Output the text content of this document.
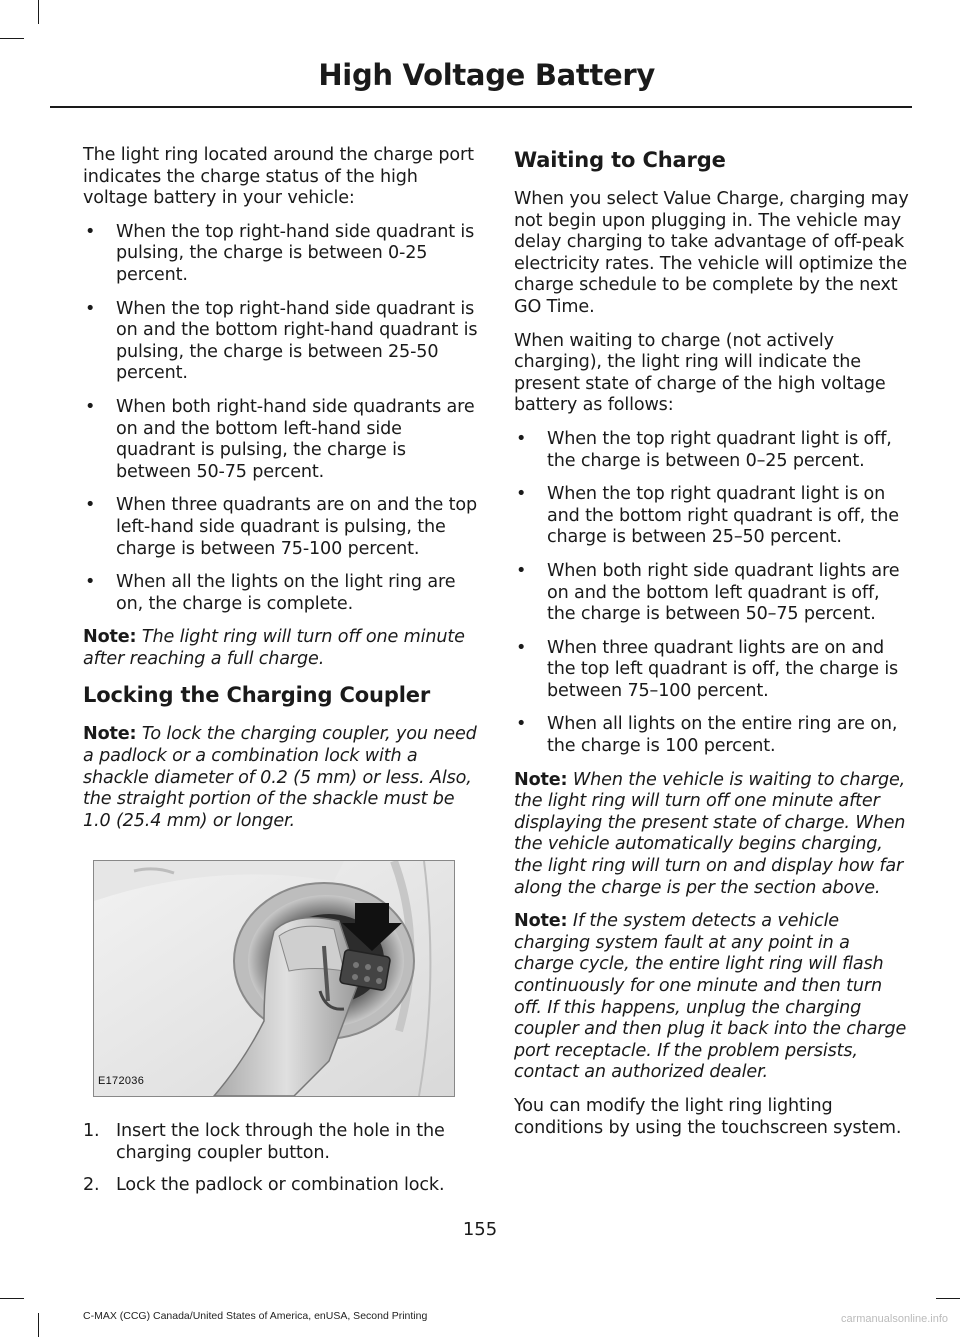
High Voltage Battery

The light ring located around the charge port indicates the charge status of the high voltage battery in your vehicle:

• When the top right-hand side quadrant is pulsing, the charge is between 0-25 percent.
• When the top right-hand side quadrant is on and the bottom right-hand quadrant is pulsing, the charge is between 25-50 percent.
• When both right-hand side quadrants are on and the bottom left-hand side quadrant is pulsing, the charge is between 50-75 percent.
• When three quadrants are on and the top left-hand side quadrant is pulsing, the charge is between 75-100 percent.
• When all the lights on the light ring are on, the charge is complete.

Note: The light ring will turn off one minute after reaching a full charge.

Locking the Charging Coupler

Note: To lock the charging coupler, you need a padlock or a combination lock with a shackle diameter of 0.2 (5 mm) or less. Also, the straight portion of the shackle must be 1.0 (25.4 mm) or longer.

E172036
1. Insert the lock through the hole in the charging coupler button.
2. Lock the padlock or combination lock.
Waiting to Charge

When you select Value Charge, charging may not begin upon plugging in. The vehicle may delay charging to take advantage of off-peak electricity rates. The vehicle will optimize the charge schedule to be complete by the next GO Time.

When waiting to charge (not actively charging), the light ring will indicate the present state of charge of the high voltage battery as follows:

• When the top right quadrant light is off, the charge is between 0–25 percent.
• When the top right quadrant light is on and the bottom right quadrant is off, the charge is between 25–50 percent.
• When both right side quadrant lights are on and the bottom left quadrant is off, the charge is between 50–75 percent.
• When three quadrant lights are on and the top left quadrant is off, the charge is between 75–100 percent.
• When all lights on the entire ring are on, the charge is 100 percent.

Note: When the vehicle is waiting to charge, the light ring will turn off one minute after displaying the present state of charge. When the vehicle automatically begins charging, the light ring will turn on and display how far along the charge is per the section above.

Note: If the system detects a vehicle charging system fault at any point in a charge cycle, the entire light ring will flash continuously for one minute and then turn off. If this happens, unplug the charging coupler and then plug it back into the charge port receptacle. If the problem persists, contact an authorized dealer.

You can modify the light ring lighting conditions by using the touchscreen system.

155
C-MAX (CCG) Canada/United States of America, enUSA, Second Printing	carmanualsonline.info
